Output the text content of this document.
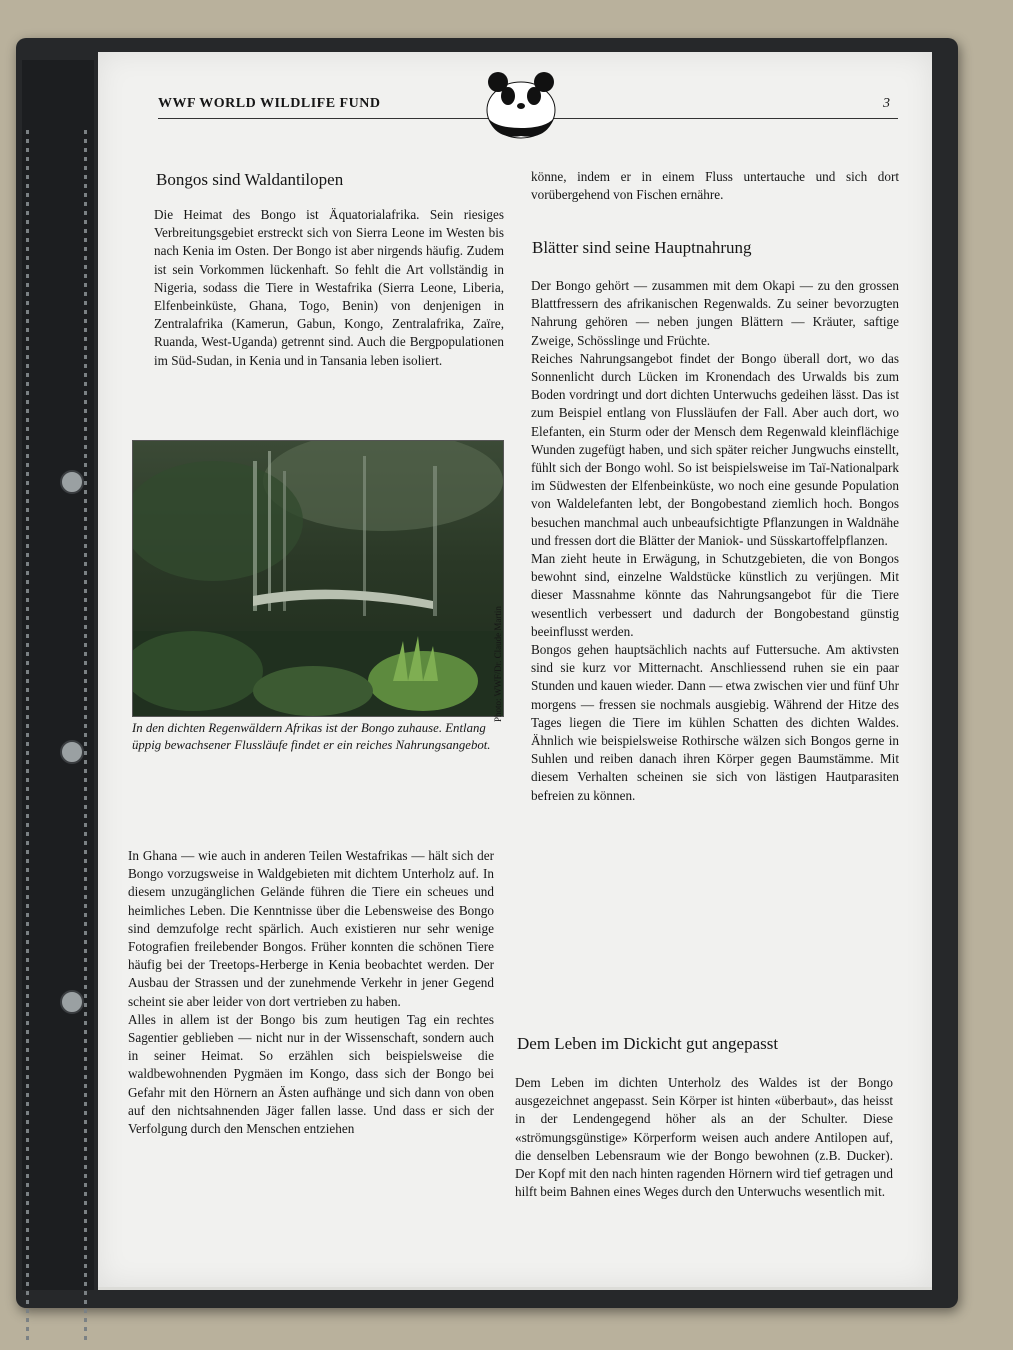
WWF WORLD WILDLIFE FUND	3
Bongos sind Waldantilopen

Die Heimat des Bongo ist Äquatorialafrika. Sein riesiges Verbreitungsgebiet erstreckt sich von Sierra Leone im Westen bis nach Kenia im Osten. Der Bongo ist aber nirgends häufig. Zudem ist sein Vorkommen lückenhaft. So fehlt die Art vollständig in Nigeria, sodass die Tiere in Westafrika (Sierra Leone, Liberia, Elfenbeinküste, Ghana, Togo, Benin) von denjenigen in Zentralafrika (Kamerun, Gabun, Kongo, Zentralafrika, Zaïre, Ruanda, West-Uganda) getrennt sind. Auch die Bergpopulationen im Süd-Sudan, in Kenia und in Tansania leben isoliert.

Photo: WWF/Dr. Claude Martin

In den dichten Regenwäldern Afrikas ist der Bongo zuhause. Entlang üppig bewachsener Flussläufe findet er ein reiches Nahrungsangebot.

In Ghana — wie auch in anderen Teilen Westafrikas — hält sich der Bongo vorzugsweise in Waldgebieten mit dichtem Unterholz auf. In diesem unzugänglichen Gelände führen die Tiere ein scheues und heimliches Leben. Die Kenntnisse über die Lebensweise des Bongo sind demzufolge recht spärlich. Auch existieren nur sehr wenige Fotografien freilebender Bongos. Früher konnten die schönen Tiere häufig bei der Treetops-Herberge in Kenia beobachtet werden. Der Ausbau der Strassen und der zunehmende Verkehr in jener Gegend scheint sie aber leider von dort vertrieben zu haben.

Alles in allem ist der Bongo bis zum heutigen Tag ein rechtes Sagentier geblieben — nicht nur in der Wissenschaft, sondern auch in seiner Heimat. So erzählen sich beispielsweise die waldbewohnenden Pygmäen im Kongo, dass sich der Bongo bei Gefahr mit den Hörnern an Ästen aufhänge und sich dann von oben auf den nichtsahnenden Jäger fallen lasse. Und dass er sich der Verfolgung durch den Menschen entziehen

könne, indem er in einem Fluss untertauche und sich dort vorübergehend von Fischen ernähre.

Blätter sind seine Hauptnahrung

Der Bongo gehört — zusammen mit dem Okapi — zu den grossen Blattfressern des afrikanischen Regenwalds. Zu seiner bevorzugten Nahrung gehören — neben jungen Blättern — Kräuter, saftige Zweige, Schösslinge und Früchte.

Reiches Nahrungsangebot findet der Bongo überall dort, wo das Sonnenlicht durch Lücken im Kronendach des Urwalds bis zum Boden vordringt und dort dichten Unterwuchs gedeihen lässt. Das ist zum Beispiel entlang von Flussläufen der Fall. Aber auch dort, wo Elefanten, ein Sturm oder der Mensch dem Regenwald kleinflächige Wunden zugefügt haben, und sich später reicher Jungwuchs einstellt, fühlt sich der Bongo wohl. So ist beispielsweise im Taï-Nationalpark im Südwesten der Elfenbeinküste, wo noch eine gesunde Population von Waldelefanten lebt, der Bongobestand ziemlich hoch. Bongos besuchen manchmal auch unbeaufsichtigte Pflanzungen in Waldnähe und fressen dort die Blätter der Maniok- und Süsskartoffelpflanzen.

Man zieht heute in Erwägung, in Schutzgebieten, die von Bongos bewohnt sind, einzelne Waldstücke künstlich zu verjüngen. Mit dieser Massnahme könnte das Nahrungsangebot für die Tiere wesentlich verbessert und dadurch der Bongobestand günstig beeinflusst werden.

Bongos gehen hauptsächlich nachts auf Futtersuche. Am aktivsten sind sie kurz vor Mitternacht. Anschliessend ruhen sie ein paar Stunden und kauen wieder. Dann — etwa zwischen vier und fünf Uhr morgens — fressen sie nochmals ausgiebig. Während der Hitze des Tages liegen die Tiere im kühlen Schatten des dichten Waldes. Ähnlich wie beispielsweise Rothirsche wälzen sich Bongos gerne in Suhlen und reiben danach ihren Körper gegen Baumstämme. Mit diesem Verhalten scheinen sie sich von lästigen Hautparasiten befreien zu können.

Dem Leben im Dickicht gut angepasst

Dem Leben im dichten Unterholz des Waldes ist der Bongo ausgezeichnet angepasst. Sein Körper ist hinten «überbaut», das heisst in der Lendengegend höher als an der Schulter. Diese «strömungsgünstige» Körperform weisen auch andere Antilopen auf, die denselben Lebensraum wie der Bongo bewohnen (z.B. Ducker). Der Kopf mit den nach hinten ragenden Hörnern wird tief getragen und hilft beim Bahnen eines Weges durch den Unterwuchs wesentlich mit.
